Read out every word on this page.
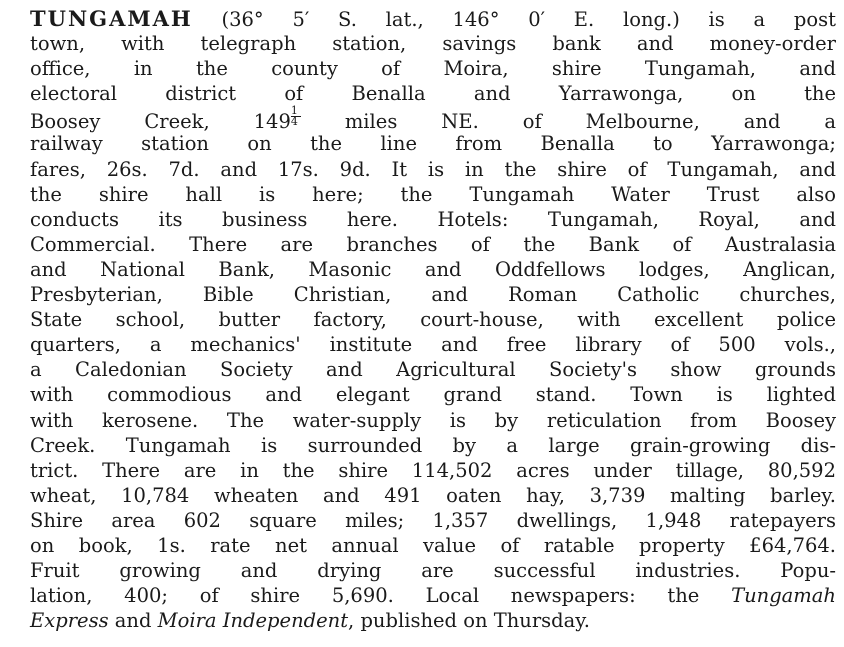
TUNGAMAH (36° 5′ S. lat., 146° 0′ E. long.) is a post
town, with telegraph station, savings bank and money-order
office, in the county of Moira, shire Tungamah, and
electoral district of Benalla and Yarrawonga, on the
Boosey Creek, $149 \frac{1}{4}$ miles NE. of Melbourne, and a
railway station on the line from Benalla to Yarrawonga;
fares, 26s. 7d. and 17s. 9d. It is in the shire of Tungamah, and
the shire hall is here; the Tungamah Water Trust also
conducts its business here. Hotels: Tungamah, Royal, and
Commercial. There are branches of the Bank of Australasia
and National Bank, Masonic and Oddfellows lodges, Anglican,
Presbyterian, Bible Christian, and Roman Catholic churches,
State school, butter factory, court-house, with excellent police
quarters, a mechanics' institute and free library of 500 vols.,
a Caledonian Society and Agricultural Society's show grounds
with commodious and elegant grand stand. Town is lighted
with kerosene. The water-supply is by reticulation from Boosey
Creek. Tungamah is surrounded by a large grain-growing dis-
trict. There are in the shire 114,502 acres under tillage, 80,592
wheat, 10,784 wheaten and 491 oaten hay, 3,739 malting barley.
Shire area 602 square miles; 1,357 dwellings, 1,948 ratepayers
on book, 1s. rate net annual value of ratable property £64,764.
Fruit growing and drying are successful industries. Popu-
lation, 400; of shire 5,690. Local newspapers: the Tungamah
Express and Moira Independent, published on Thursday.
